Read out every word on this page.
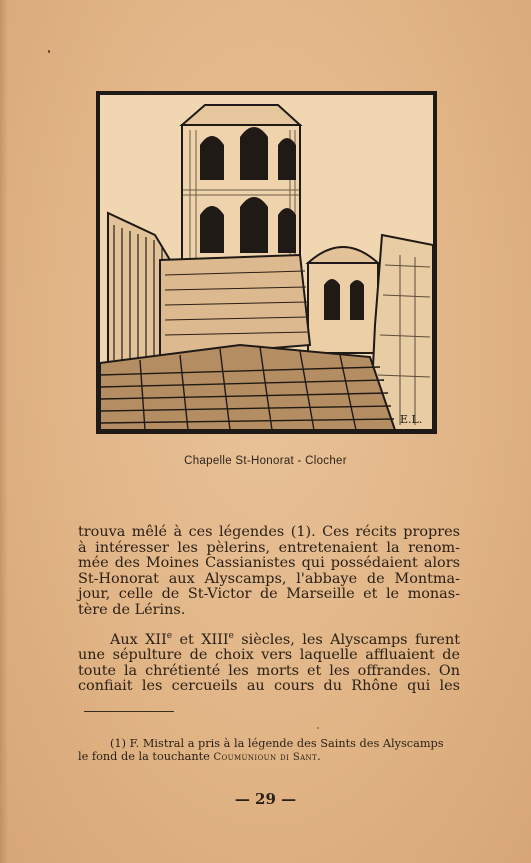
E.L.
Chapelle St-Honorat - Clocher

trouva mêlé à ces légendes (1). Ces récits propres
à intéresser les pèlerins, entretenaient la renom-
mée des Moines Cassianistes qui possédaient alors
St-Honorat aux Alyscamps, l'abbaye de Montma-
jour, celle de St-Victor de Marseille et le monas-
tère de Lérins.

Aux XIIe et XIIIe siècles, les Alyscamps furent
une sépulture de choix vers laquelle affluaient de
toute la chrétienté les morts et les offrandes. On
confiait les cercueils au cours du Rhône qui les

(1) F. Mistral a pris à la légende des Saints des Alyscamps
le fond de la touchante Coumunioun di Sant.
— 29 —
